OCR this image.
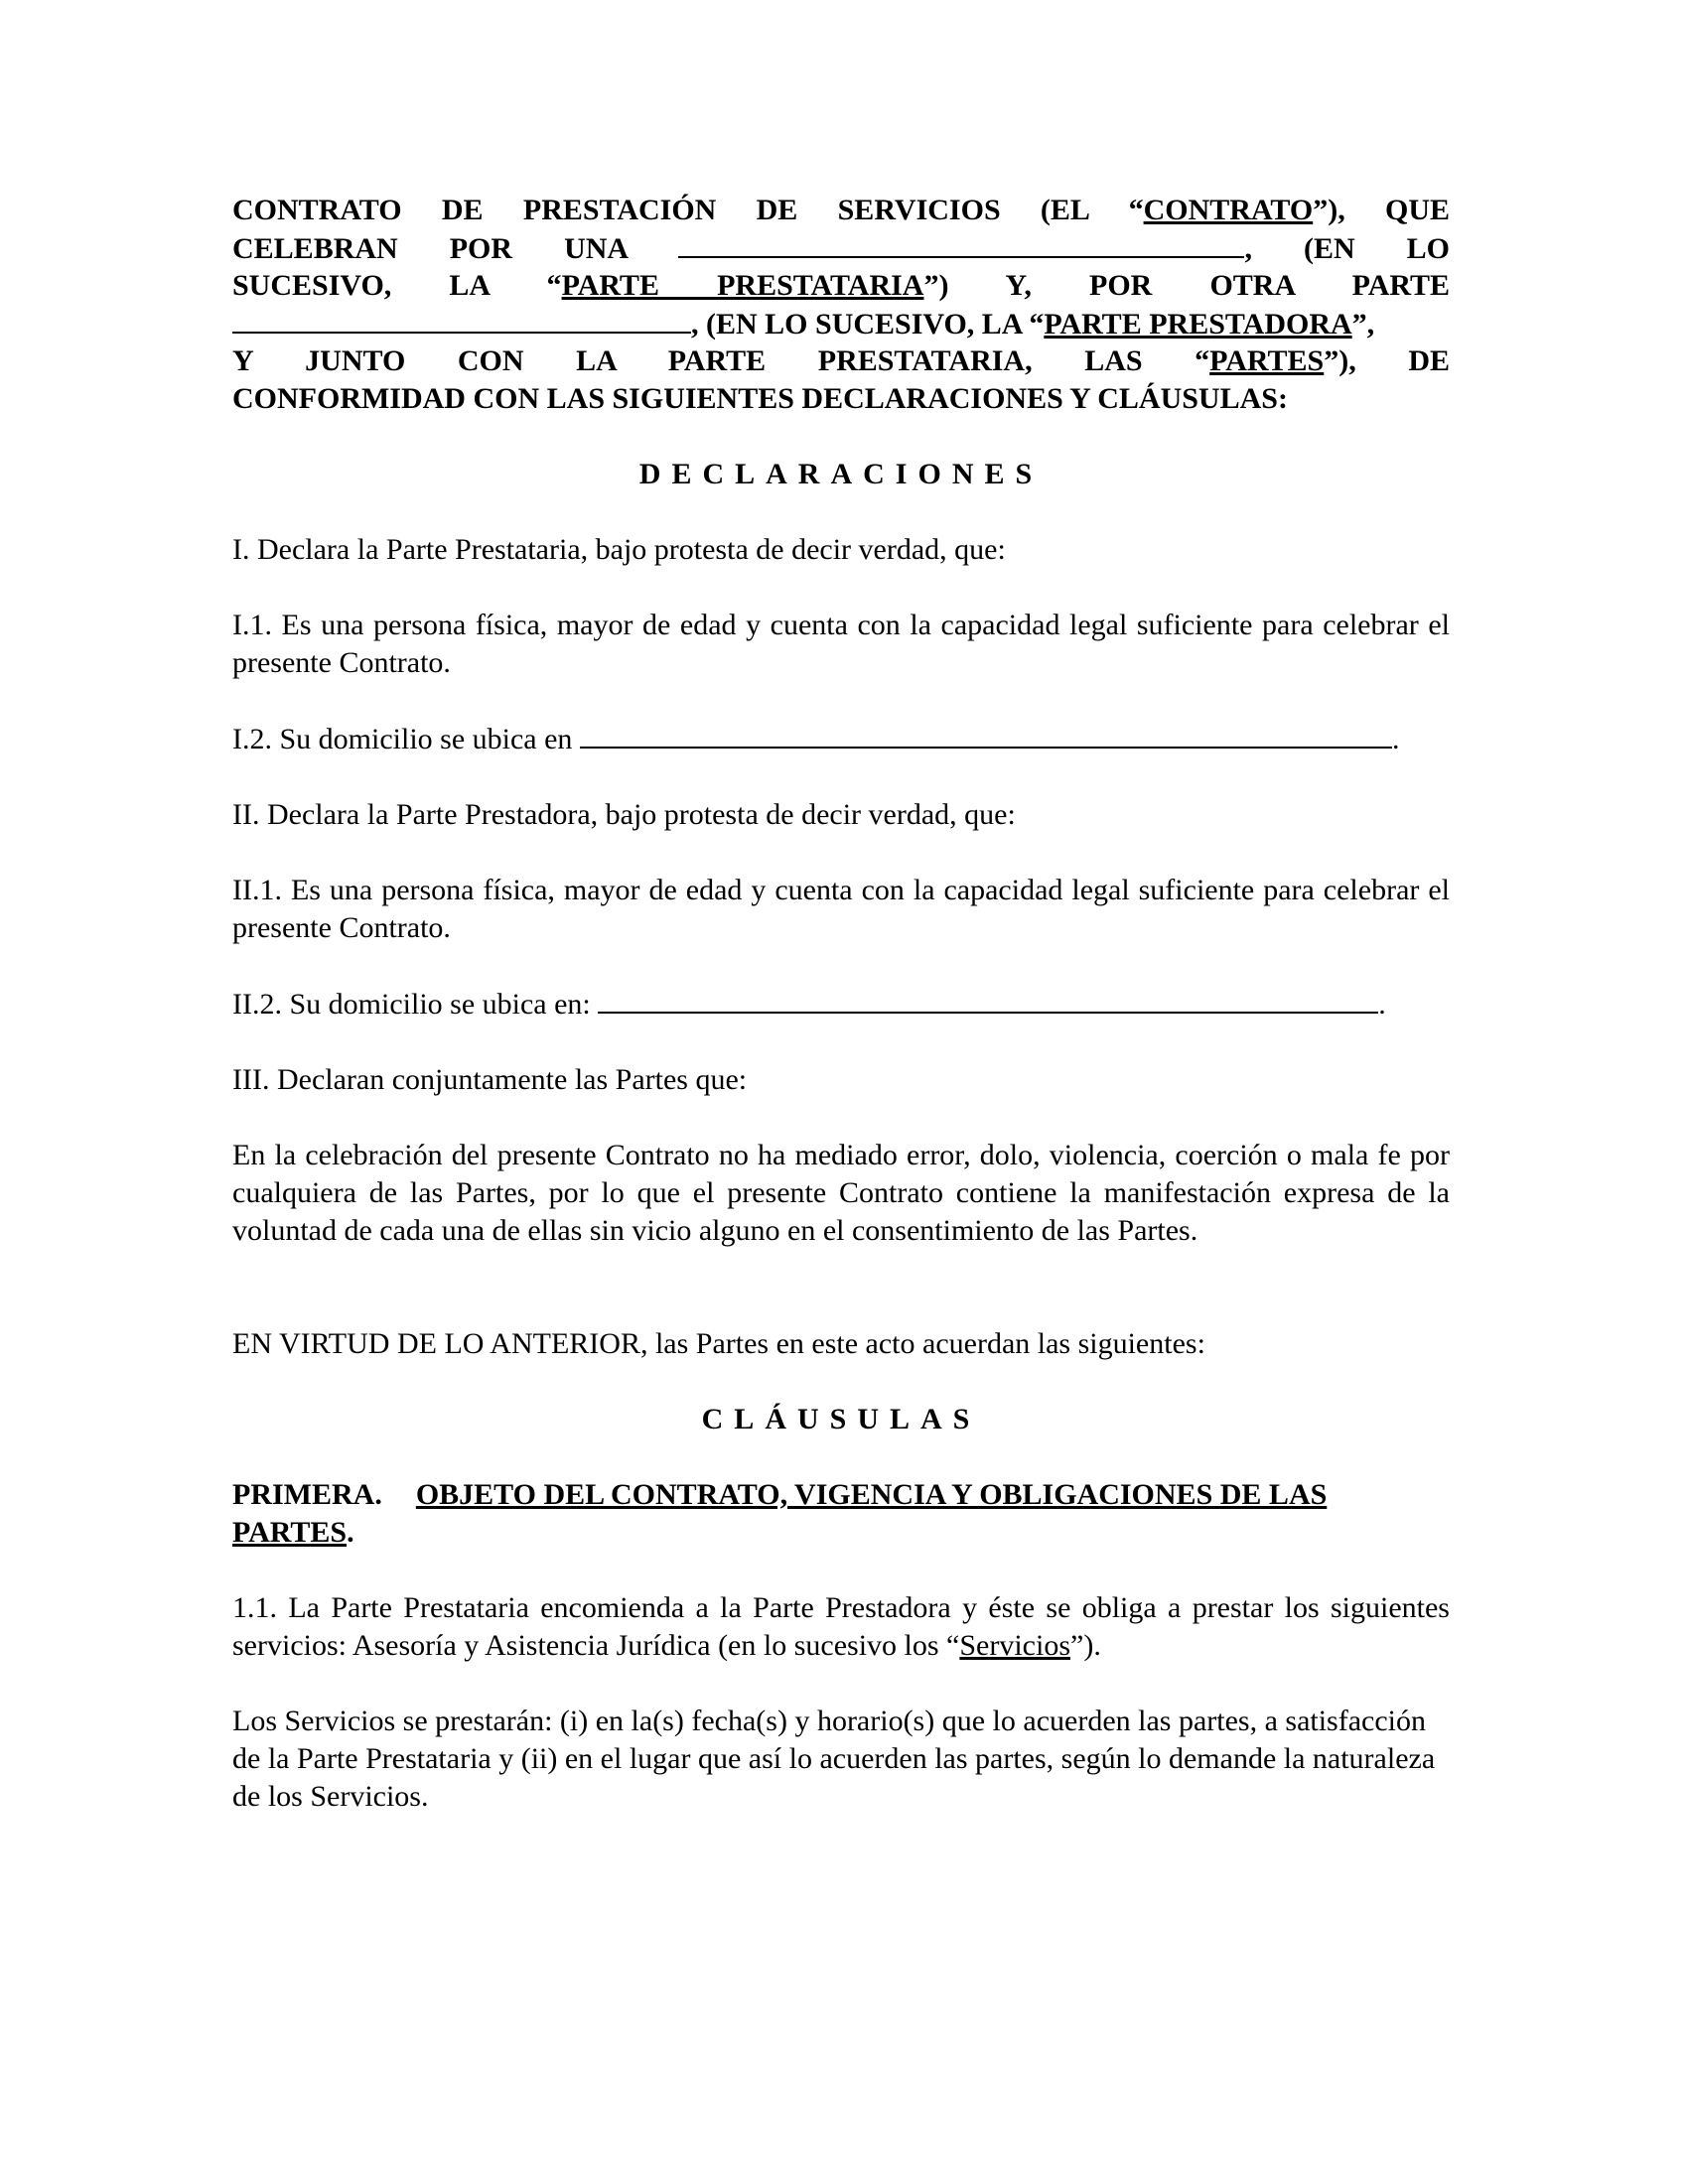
CONTRATO DE PRESTACIÓN DE SERVICIOS (EL “CONTRATO”), QUE
CELEBRAN POR UNA	, (EN LO
SUCESIVO, LA “PARTE PRESTATARIA”) Y, POR OTRA PARTE
, (EN LO SUCESIVO, LA “PARTE PRESTADORA”,
Y JUNTO CON LA PARTE PRESTATARIA, LAS “PARTES”), DE
CONFORMIDAD CON LAS SIGUIENTES DECLARACIONES Y CLÁUSULAS:

DECLARACIONES

I. Declara la Parte Prestataria, bajo protesta de decir verdad, que:

I.1. Es una persona física, mayor de edad y cuenta con la capacidad legal suficiente para celebrar el presente Contrato.

I.2. Su domicilio se ubica en	.

II. Declara la Parte Prestadora, bajo protesta de decir verdad, que:

II.1. Es una persona física, mayor de edad y cuenta con la capacidad legal suficiente para celebrar el presente Contrato.

II.2. Su domicilio se ubica en:	.

III. Declaran conjuntamente las Partes que:

En la celebración del presente Contrato no ha mediado error, dolo, violencia, coerción o mala fe por cualquiera de las Partes, por lo que el presente Contrato contiene la manifestación expresa de la voluntad de cada una de ellas sin vicio alguno en el consentimiento de las Partes.

EN VIRTUD DE LO ANTERIOR, las Partes en este acto acuerdan las siguientes:

CLÁUSULAS

PRIMERA. OBJETO DEL CONTRATO, VIGENCIA Y OBLIGACIONES DE LAS
PARTES.

1.1. La Parte Prestataria encomienda a la Parte Prestadora y éste se obliga a prestar los siguientes servicios: Asesoría y Asistencia Jurídica (en lo sucesivo los “Servicios”).

Los Servicios se prestarán: (i) en la(s) fecha(s) y horario(s) que lo acuerden las partes, a satisfacción de la Parte Prestataria y (ii) en el lugar que así lo acuerden las partes, según lo demande la naturaleza de los Servicios.
